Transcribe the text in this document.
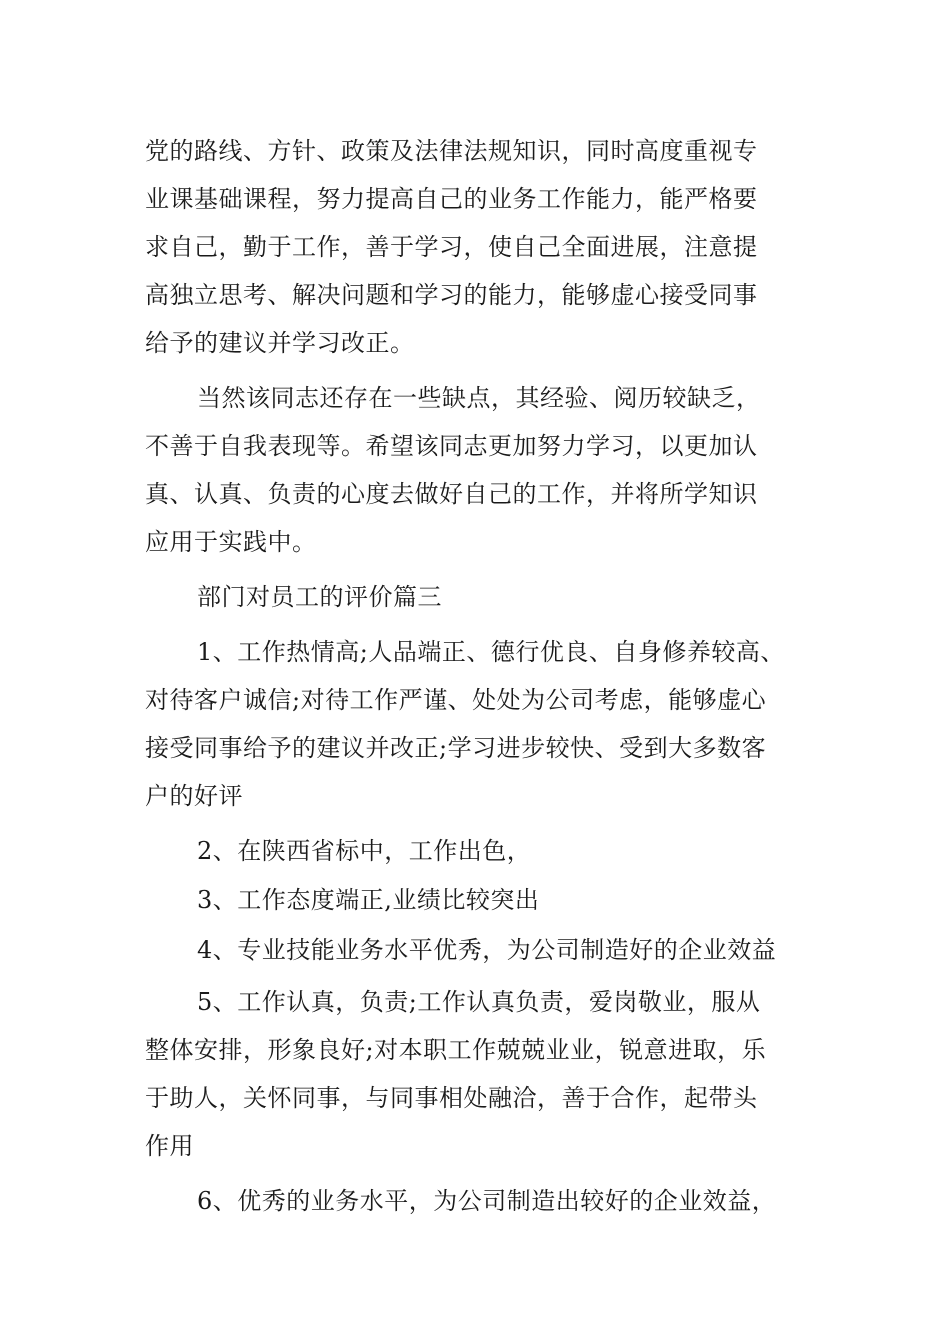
党的路线、方针、政策及法律法规知识，同时高度重视专
业课基础课程，努力提高自己的业务工作能力，能严格要
求自己，勤于工作，善于学习，使自己全面进展，注意提
高独立思考、解决问题和学习的能力，能够虚心接受同事
给予的建议并学习改正。
当然该同志还存在一些缺点，其经验、阅历较缺乏，
不善于自我表现等。希望该同志更加努力学习，以更加认
真、认真、负责的心度去做好自己的工作，并将所学知识
应用于实践中。
部门对员工的评价篇三
1、工作热情高;人品端正、德行优良、自身修养较高、
对待客户诚信;对待工作严谨、处处为公司考虑，能够虚心
接受同事给予的建议并改正;学习进步较快、受到大多数客
户的好评
2、在陕西省标中，工作出色，
3、工作态度端正,业绩比较突出
4、专业技能业务水平优秀，为公司制造好的企业效益
5、工作认真，负责;工作认真负责，爱岗敬业，服从
整体安排，形象良好;对本职工作兢兢业业，锐意进取，乐
于助人，关怀同事，与同事相处融洽，善于合作，起带头
作用
6、优秀的业务水平，为公司制造出较好的企业效益，
